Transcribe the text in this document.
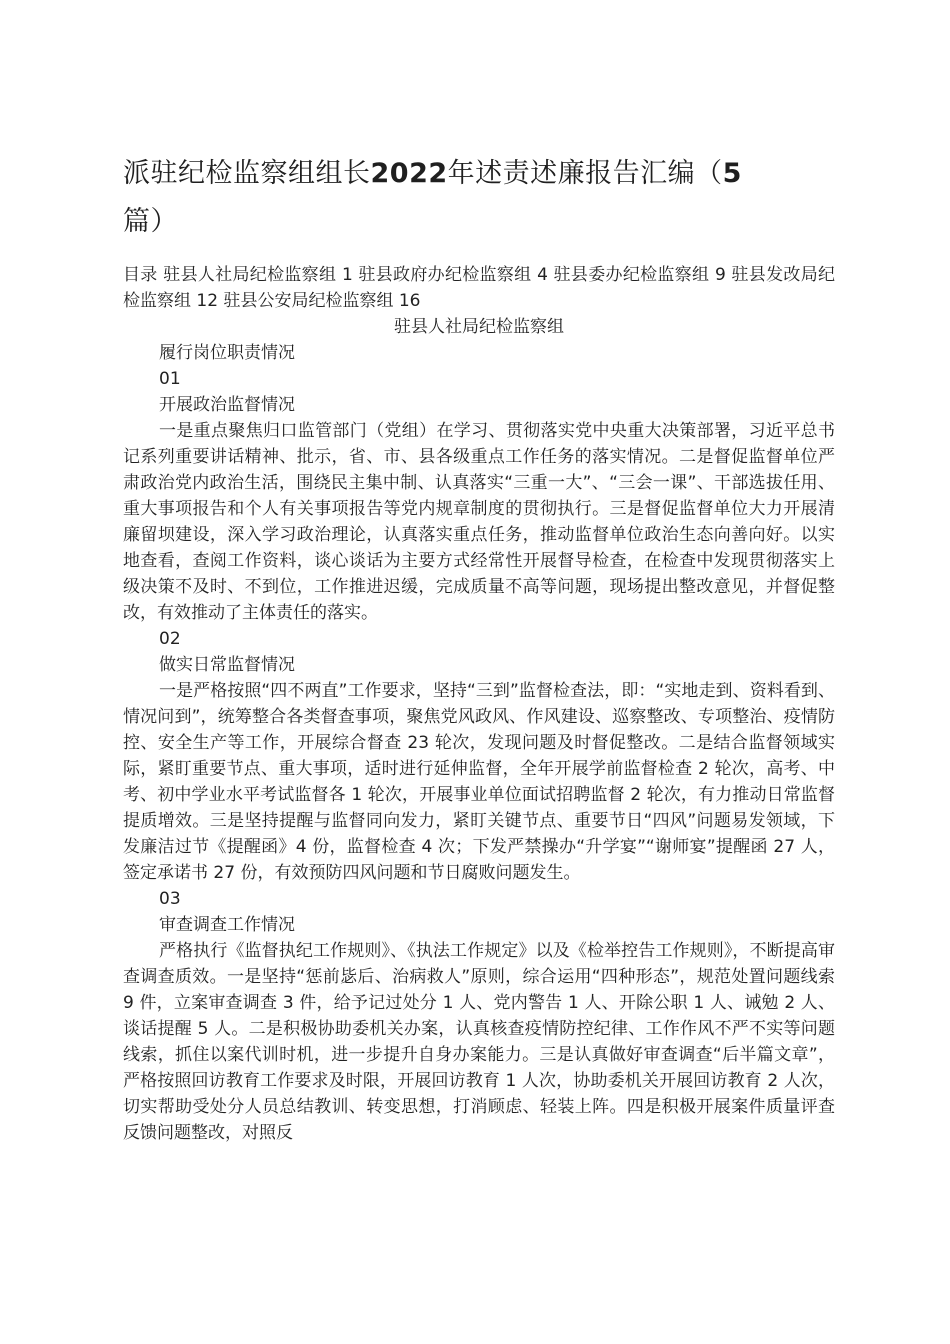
派驻纪检监察组组长2022年述责述廉报告汇编（5
篇）

目录 驻县人社局纪检监察组 1 驻县政府办纪检监察组 4 驻县委办纪检监察组 9 驻县发改局纪检监察组 12 驻县公安局纪检监察组 16

驻县人社局纪检监察组

履行岗位职责情况

01

开展政治监督情况

一是重点聚焦归口监管部门（党组）在学习、贯彻落实党中央重大决策部署，习近平总书记系列重要讲话精神、批示，省、市、县各级重点工作任务的落实情况。二是督促监督单位严肃政治党内政治生活，围绕民主集中制、认真落实“三重一大”、“三会一课”、干部选拔任用、重大事项报告和个人有关事项报告等党内规章制度的贯彻执行。三是督促监督单位大力开展清廉留坝建设，深入学习政治理论，认真落实重点任务，推动监督单位政治生态向善向好。以实地查看，查阅工作资料，谈心谈话为主要方式经常性开展督导检查，在检查中发现贯彻落实上级决策不及时、不到位，工作推进迟缓，完成质量不高等问题，现场提出整改意见，并督促整改，有效推动了主体责任的落实。

02

做实日常监督情况

一是严格按照“四不两直”工作要求，坚持“三到”监督检查法，即：“实地走到、资料看到、情况问到”，统筹整合各类督查事项，聚焦党风政风、作风建设、巡察整改、专项整治、疫情防控、安全生产等工作，开展综合督查 23 轮次，发现问题及时督促整改。二是结合监督领域实际，紧盯重要节点、重大事项，适时进行延伸监督，全年开展学前监督检查 2 轮次，高考、中考、初中学业水平考试监督各 1 轮次，开展事业单位面试招聘监督 2 轮次，有力推动日常监督提质增效。三是坚持提醒与监督同向发力，紧盯关键节点、重要节日“四风”问题易发领域，下发廉洁过节《提醒函》4 份，监督检查 4 次；下发严禁操办“升学宴”“谢师宴”提醒函 27 人，签定承诺书 27 份，有效预防四风问题和节日腐败问题发生。

03

审查调查工作情况

严格执行《监督执纪工作规则》、《执法工作规定》以及《检举控告工作规则》，不断提高审查调查质效。一是坚持“惩前毖后、治病救人”原则，综合运用“四种形态”，规范处置问题线索 9 件，立案审查调查 3 件，给予记过处分 1 人、党内警告 1 人、开除公职 1 人、诫勉 2 人、谈话提醒 5 人。二是积极协助委机关办案，认真核查疫情防控纪律、工作作风不严不实等问题线索，抓住以案代训时机，进一步提升自身办案能力。三是认真做好审查调查“后半篇文章”，严格按照回访教育工作要求及时限，开展回访教育 1 人次，协助委机关开展回访教育 2 人次，切实帮助受处分人员总结教训、转变思想，打消顾虑、轻装上阵。四是积极开展案件质量评查反馈问题整改，对照反
